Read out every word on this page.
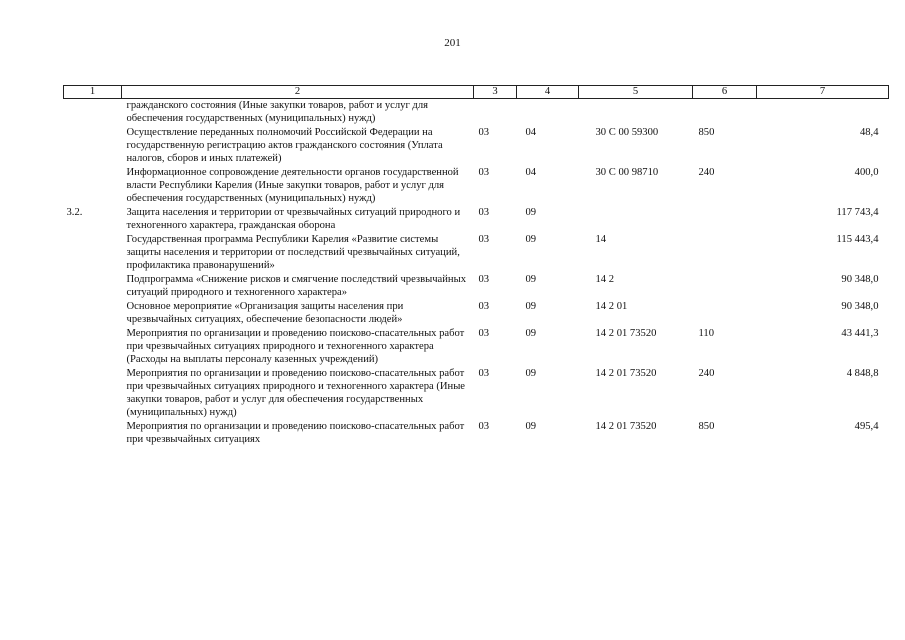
201
1	2	3	4	5	6	7
	гражданского состояния (Иные закупки товаров, работ и услуг для обеспечения государственных (муниципальных) нужд)					
	Осуществление переданных полномочий Российской Федерации на государственную регистрацию актов гражданского состояния (Уплата налогов, сборов и иных платежей)	03	04	30 С 00 59300	850	48,4
	Информационное сопровождение деятельности органов государственной власти Республики Карелия (Иные закупки товаров, работ и услуг для обеспечения государственных (муниципальных) нужд)	03	04	30 С 00 98710	240	400,0
3.2.	Защита населения и территории от чрезвычайных ситуаций природного и техногенного характера, гражданская оборона	03	09			117 743,4
	Государственная программа Республики Карелия «Развитие системы защиты населения и территории от последствий чрезвычайных ситуаций, профилактика правонарушений»	03	09	14		115 443,4
	Подпрограмма «Снижение рисков и смягчение последствий чрезвычайных ситуаций природного и техногенного характера»	03	09	14 2		90 348,0
	Основное мероприятие «Организация защиты населения при чрезвычайных ситуациях, обеспечение безопасности людей»	03	09	14 2 01		90 348,0
	Мероприятия по организации и проведению поисково-спасательных работ при чрезвычайных ситуациях природного и техногенного характера (Расходы на выплаты персоналу казенных учреждений)	03	09	14 2 01 73520	110	43 441,3
	Мероприятия по организации и проведению поисково-спасательных работ при чрезвычайных ситуациях природного и техногенного характера (Иные закупки товаров, работ и услуг для обеспечения государственных (муниципальных) нужд)	03	09	14 2 01 73520	240	4 848,8
	Мероприятия по организации и проведению поисково-спасательных работ при чрезвычайных ситуациях	03	09	14 2 01 73520	850	495,4
